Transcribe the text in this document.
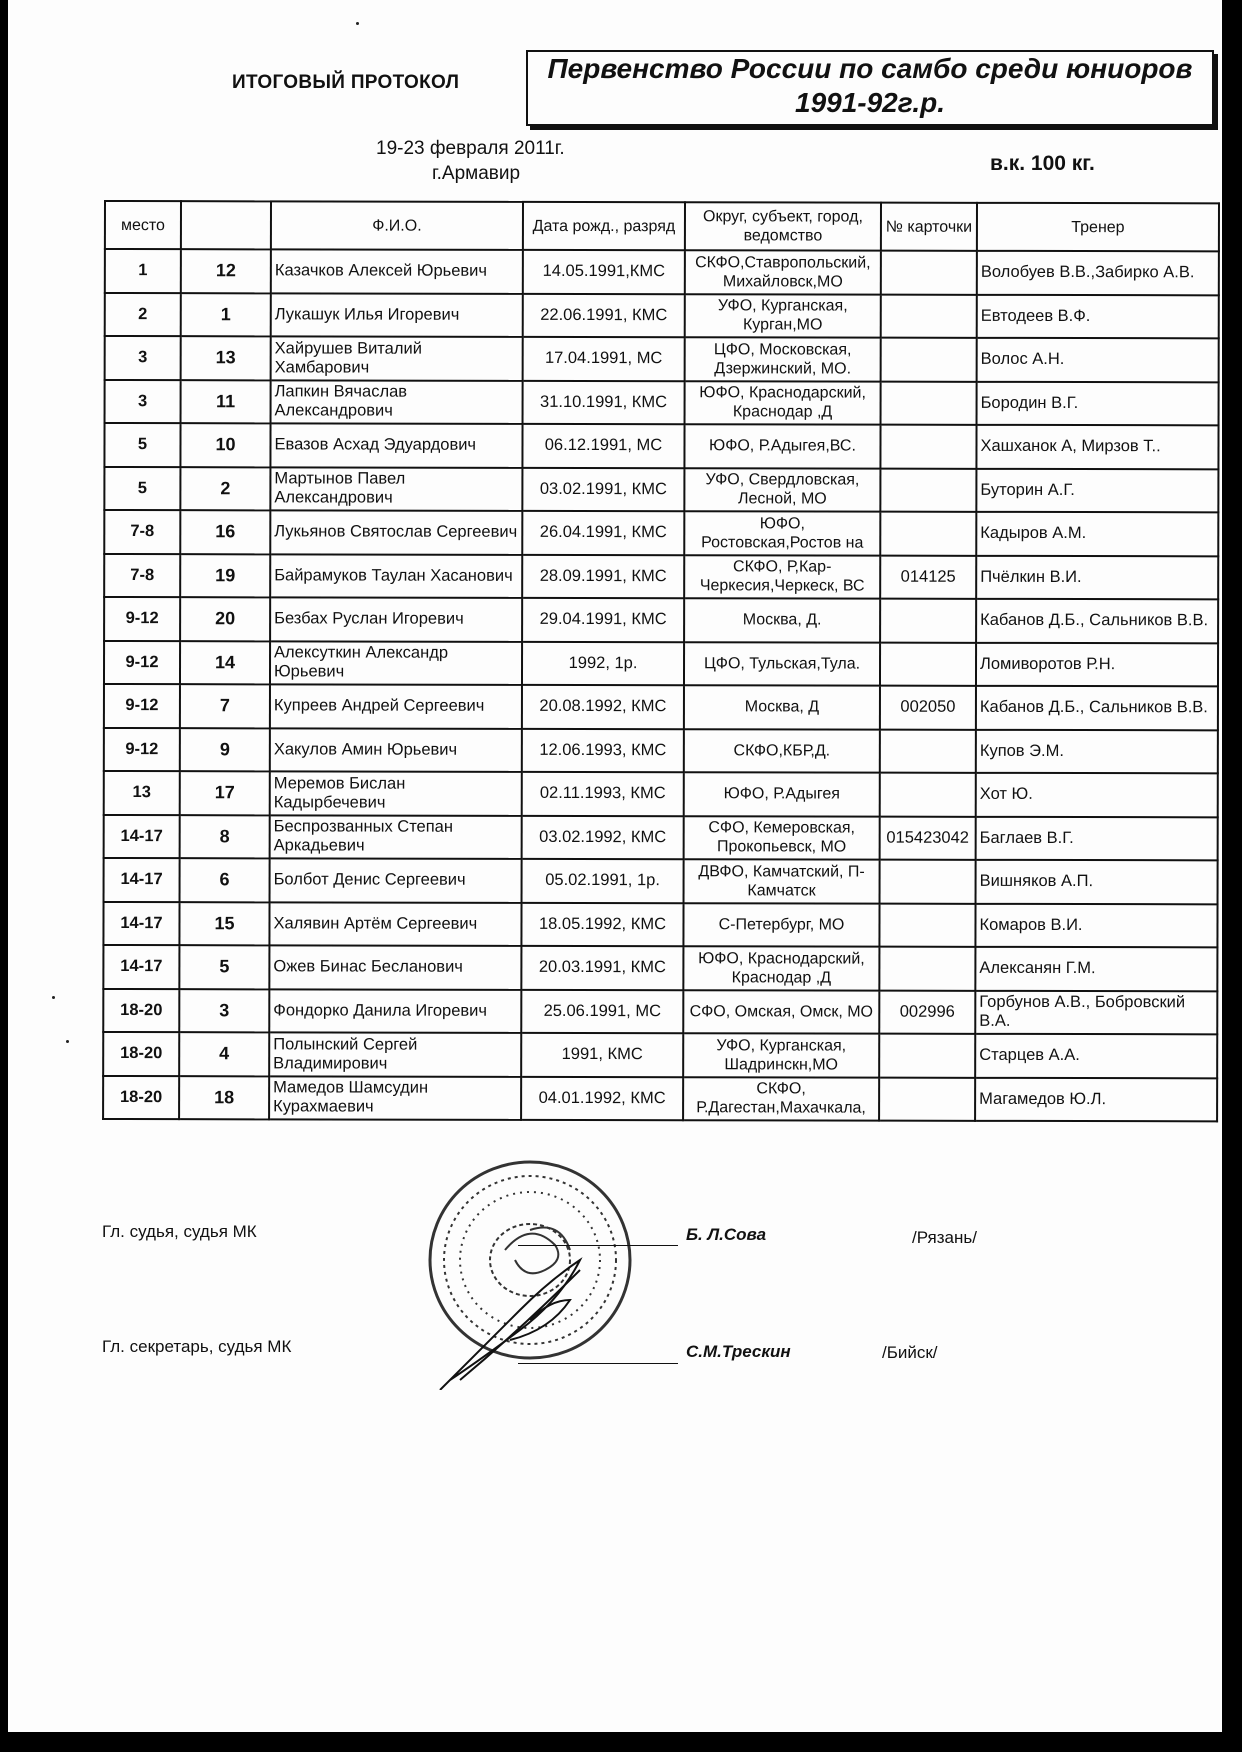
ИТОГОВЫЙ ПРОТОКОЛ	Первенство России по самбо среди юниоров
1991-92г.р.
19-23 февраля 2011г.
г.Армавир	в.к. 100 кг.
место		Ф.И.О.	Дата рожд., разряд	Округ, субъект, город, ведомство	№ карточки	Тренер
1	12	Казачков Алексей Юрьевич	14.05.1991,КМС	СКФО,Ставропольский, Михайловск,МО		Волобуев В.В.,Забирко А.В.
2	1	Лукашук Илья Игоревич	22.06.1991, КМС	УФО, Курганская, Курган,МО		Евтодеев В.Ф.
3	13	Хайрушев Виталий Хамбарович	17.04.1991, МС	ЦФО, Московская, Дзержинский, МО.		Волос А.Н.
3	11	Лапкин Вячаслав Александрович	31.10.1991, КМС	ЮФО, Краснодарский, Краснодар ,Д		Бородин В.Г.
5	10	Евазов Асхад Эдуардович	06.12.1991, МС	ЮФО, Р.Адыгея,ВС.		Хашханок А, Мирзов Т..
5	2	Мартынов Павел Александрович	03.02.1991, КМС	УФО, Свердловская, Лесной, МО		Буторин А.Г.
7-8	16	Лукьянов Святослав Сергеевич	26.04.1991, КМС	ЮФО, Ростовская,Ростов на		Кадыров А.М.
7-8	19	Байрамуков Таулан Хасанович	28.09.1991, КМС	СКФО, Р,Кар-Черкесия,Черкеск, ВС	014125	Пчёлкин В.И.
9-12	20	Безбах Руслан Игоревич	29.04.1991, КМС	Москва, Д.		Кабанов Д.Б., Сальников В.В.
9-12	14	Алексуткин Александр Юрьевич	1992, 1р.	ЦФО, Тульская,Тула.		Ломиворотов Р.Н.
9-12	7	Купреев Андрей Сергеевич	20.08.1992, КМС	Москва, Д	002050	Кабанов Д.Б., Сальников В.В.
9-12	9	Хакулов Амин Юрьевич	12.06.1993, КМС	СКФО,КБР,Д.		Купов Э.М.
13	17	Меремов Бислан Кадырбечевич	02.11.1993, КМС	ЮФО, Р.Адыгея		Хот Ю.
14-17	8	Беспрозванных Степан Аркадьевич	03.02.1992, КМС	СФО, Кемеровская, Прокопьевск, МО	015423042	Баглаев В.Г.
14-17	6	Болбот Денис Сергеевич	05.02.1991, 1р.	ДВФО, Камчатский, П-Камчатск		Вишняков А.П.
14-17	15	Халявин Артём Сергеевич	18.05.1992, КМС	С-Петербург, МО		Комаров В.И.
14-17	5	Ожев Бинас Бесланович	20.03.1991, КМС	ЮФО, Краснодарский, Краснодар ,Д		Алексанян Г.М.
18-20	3	Фондорко Данила Игоревич	25.06.1991, МС	СФО, Омская, Омск, МО	002996	Горбунов А.В., Бобровский В.А.
18-20	4	Полынский Сергей Владимирович	1991, КМС	УФО, Курганская, Шадринскн,МО		Старцев А.А.
18-20	18	Мамедов Шамсудин Курахмаевич	04.01.1992, КМС	СКФО, Р.Дагестан,Махачкала,		Магамедов Ю.Л.
Гл. судья, судья МК	Б. Л.Сова	/Рязань/
Гл. секретарь, судья МК	С.М.Трескин	/Бийск/
